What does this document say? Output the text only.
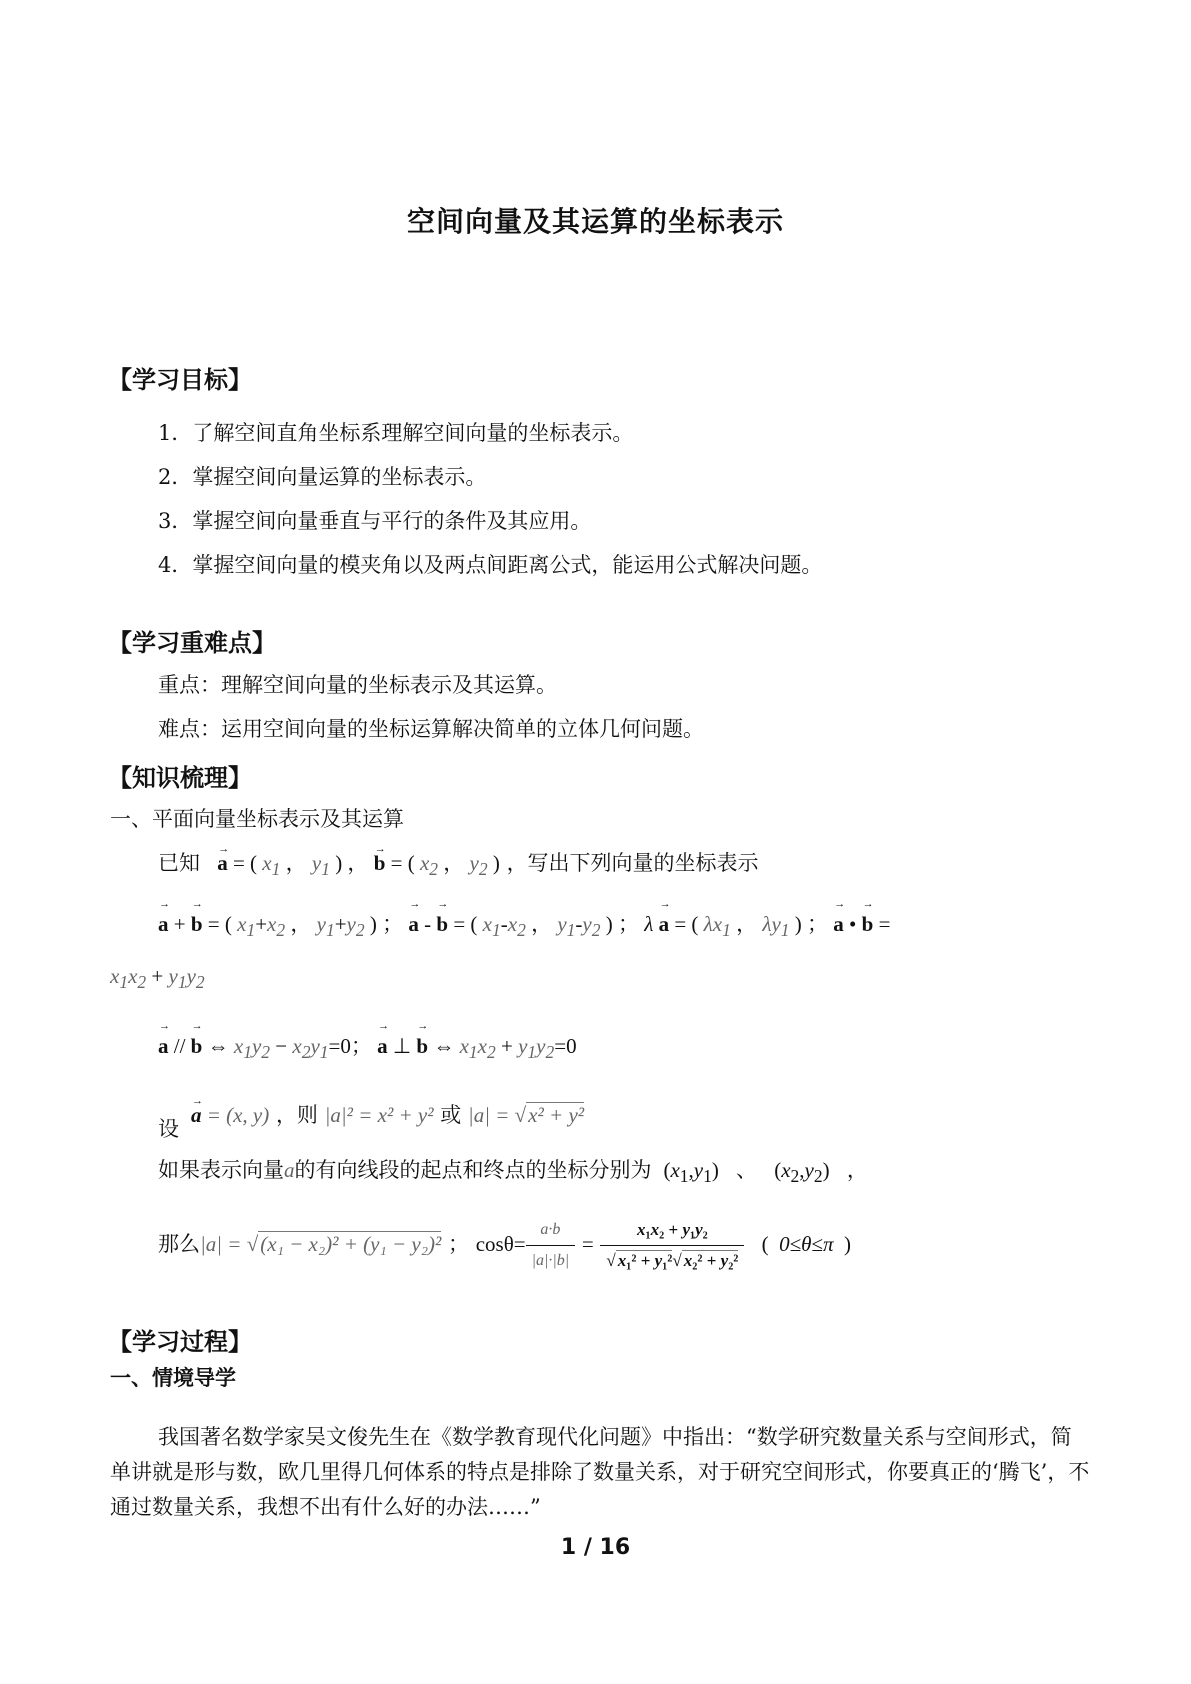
空间向量及其运算的坐标表示
【学习目标】
1．了解空间直角坐标系理解空间向量的坐标表示。
2．掌握空间向量运算的坐标表示。
3．掌握空间向量垂直与平行的条件及其应用。
4．掌握空间向量的模夹角以及两点间距离公式，能运用公式解决问题。
【学习重难点】
重点：理解空间向量的坐标表示及其运算。
难点：运用空间向量的坐标运算解决简单的立体几何问题。
【知识梳理】
一、平面向量坐标表示及其运算
已知 → a = ( $x_1$ ， $y_1$ ) ， → b = ( $x_2$ ， $y_2$ ) ，写出下列向量的坐标表示
→ a + → b = ( $x_1+x_2$ ， $y_1+y_2$ ) ； → a - → b = ( $x_1-x_2$ ， $y_1-y_2$ ) ； λ → a = ( $\lambda x_1$ ， $\lambda y_1$ ) ； → a • → b =
$x_1x_2 + y_1y_2$
→ a // → b ⇔ $x_1y_2 - x_2y_1=0$； → a ⊥ → b ⇔ $x_1x_2 + y_1y_2=0$
设  → a = (x, y) ，则 |a|² = x² + y² 或 |a| = √x² + y²
如果表示向量a的有向线段的起点和终点的坐标分别为  $(x_1,y_1)$   、   $(x_2,y_2)$   ，
那么|a| = √(x₁ − x₂)² + (y₁ − y₂)² ； $\cos\theta= \frac{a\cdot b}{|a|\cdot|b|} = \frac{\text{x₁x₂ + y₁y₂}}{\text{√ x₁² + y₁²√ x₂² + y₂²}}$ (  0≤θ≤π  )
【学习过程】
一、情境导学
我国著名数学家吴文俊先生在《数学教育现代化问题》中指出：“数学研究数量关系与空间形式，简单讲就是形与数，欧几里得几何体系的特点是排除了数量关系，对于研究空间形式，你要真正的‘腾飞’，不通过数量关系，我想不出有什么好的办法……”
1 / 16
